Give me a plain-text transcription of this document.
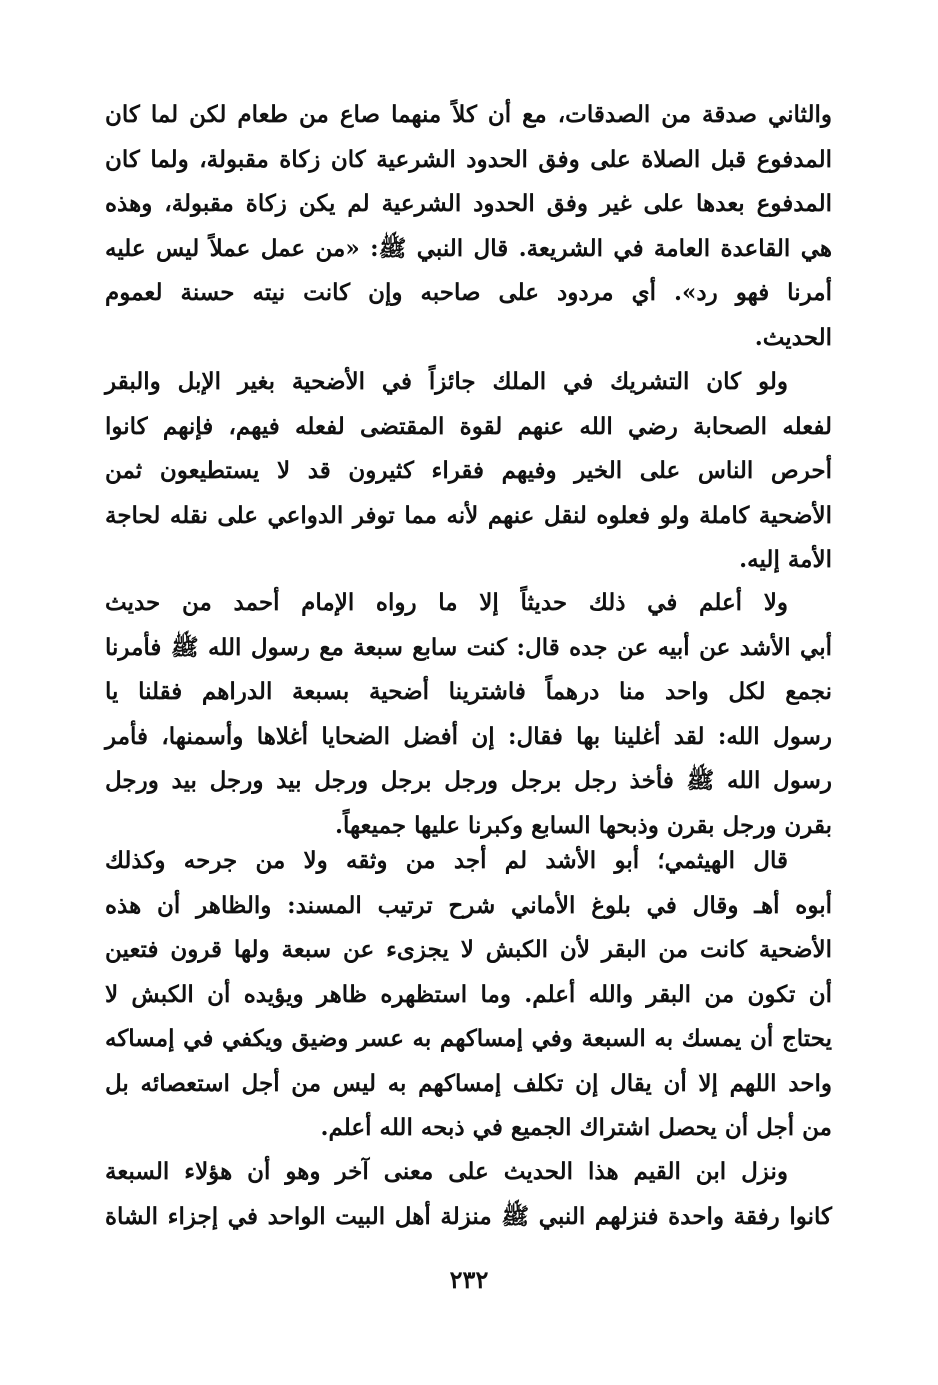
والثاني صدقة من الصدقات، مع أن كلاً منهما صاع من طعام لكن لما كان
المدفوع قبل الصلاة على وفق الحدود الشرعية كان زكاة مقبولة، ولما كان
المدفوع بعدها على غير وفق الحدود الشرعية لم يكن زكاة مقبولة، وهذه
هي القاعدة العامة في الشريعة. قال النبي ﷺ: «من عمل عملاً ليس عليه
أمرنا فهو رد». أي مردود على صاحبه وإن كانت نيته حسنة لعموم
الحديث.
ولو كان التشريك في الملك جائزاً في الأضحية بغير الإبل والبقر
لفعله الصحابة رضي الله عنهم لقوة المقتضى لفعله فيهم، فإنهم كانوا
أحرص الناس على الخير وفيهم فقراء كثيرون قد لا يستطيعون ثمن
الأضحية كاملة ولو فعلوه لنقل عنهم لأنه مما توفر الدواعي على نقله لحاجة
الأمة إليه.
ولا أعلم في ذلك حديثاً إلا ما رواه الإمام أحمد من حديث
أبي الأشد عن أبيه عن جده قال: كنت سابع سبعة مع رسول الله ﷺ فأمرنا
نجمع لكل واحد منا درهماً فاشترينا أضحية بسبعة الدراهم فقلنا يا
رسول الله: لقد أغلينا بها فقال: إن أفضل الضحايا أغلاها وأسمنها، فأمر
رسول الله ﷺ فأخذ رجل برجل ورجل برجل ورجل بيد ورجل بيد ورجل
بقرن ورجل بقرن وذبحها السابع وكبرنا عليها جميعهاً.
قال الهيثمي؛ أبو الأشد لم أجد من وثقه ولا من جرحه وكذلك
أبوه أهـ وقال في بلوغ الأماني شرح ترتيب المسند: والظاهر أن هذه
الأضحية كانت من البقر لأن الكبش لا يجزىء عن سبعة ولها قرون فتعين
أن تكون من البقر والله أعلم. وما استظهره ظاهر ويؤيده أن الكبش لا
يحتاج أن يمسك به السبعة وفي إمساكهم به عسر وضيق ويكفي في إمساكه
واحد اللهم إلا أن يقال إن تكلف إمساكهم به ليس من أجل استعصائه بل
من أجل أن يحصل اشتراك الجميع في ذبحه الله أعلم.
ونزل ابن القيم هذا الحديث على معنى آخر وهو أن هؤلاء السبعة
كانوا رفقة واحدة فنزلهم النبي ﷺ منزلة أهل البيت الواحد في إجزاء الشاة
٢٣٢
